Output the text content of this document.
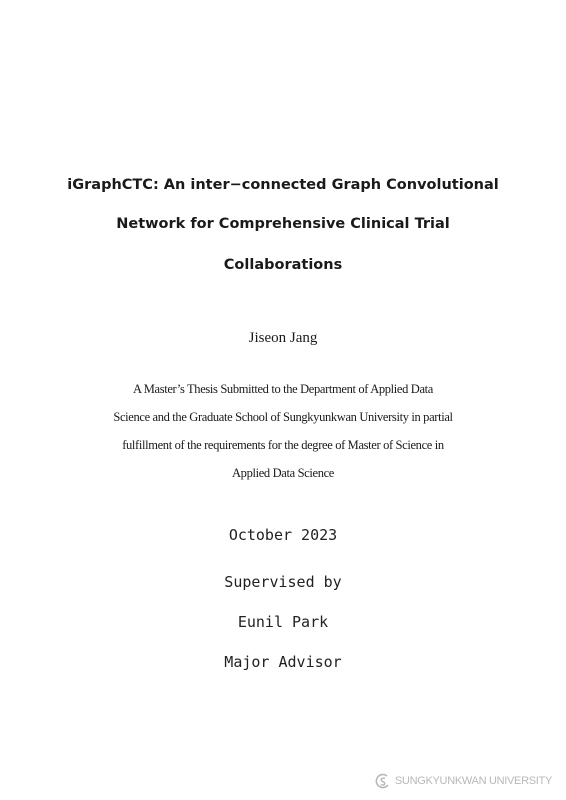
iGraphCTC: An inter−connected Graph Convolutional
Network for Comprehensive Clinical Trial
Collaborations
Jiseon Jang
A Master’s Thesis Submitted to the Department of Applied Data
Science and the Graduate School of Sungkyunkwan University in partial
fulfillment of the requirements for the degree of Master of Science in
Applied Data Science
October 2023
Supervised by
Eunil Park
Major Advisor
SUNGKYUNKWAN UNIVERSITY
